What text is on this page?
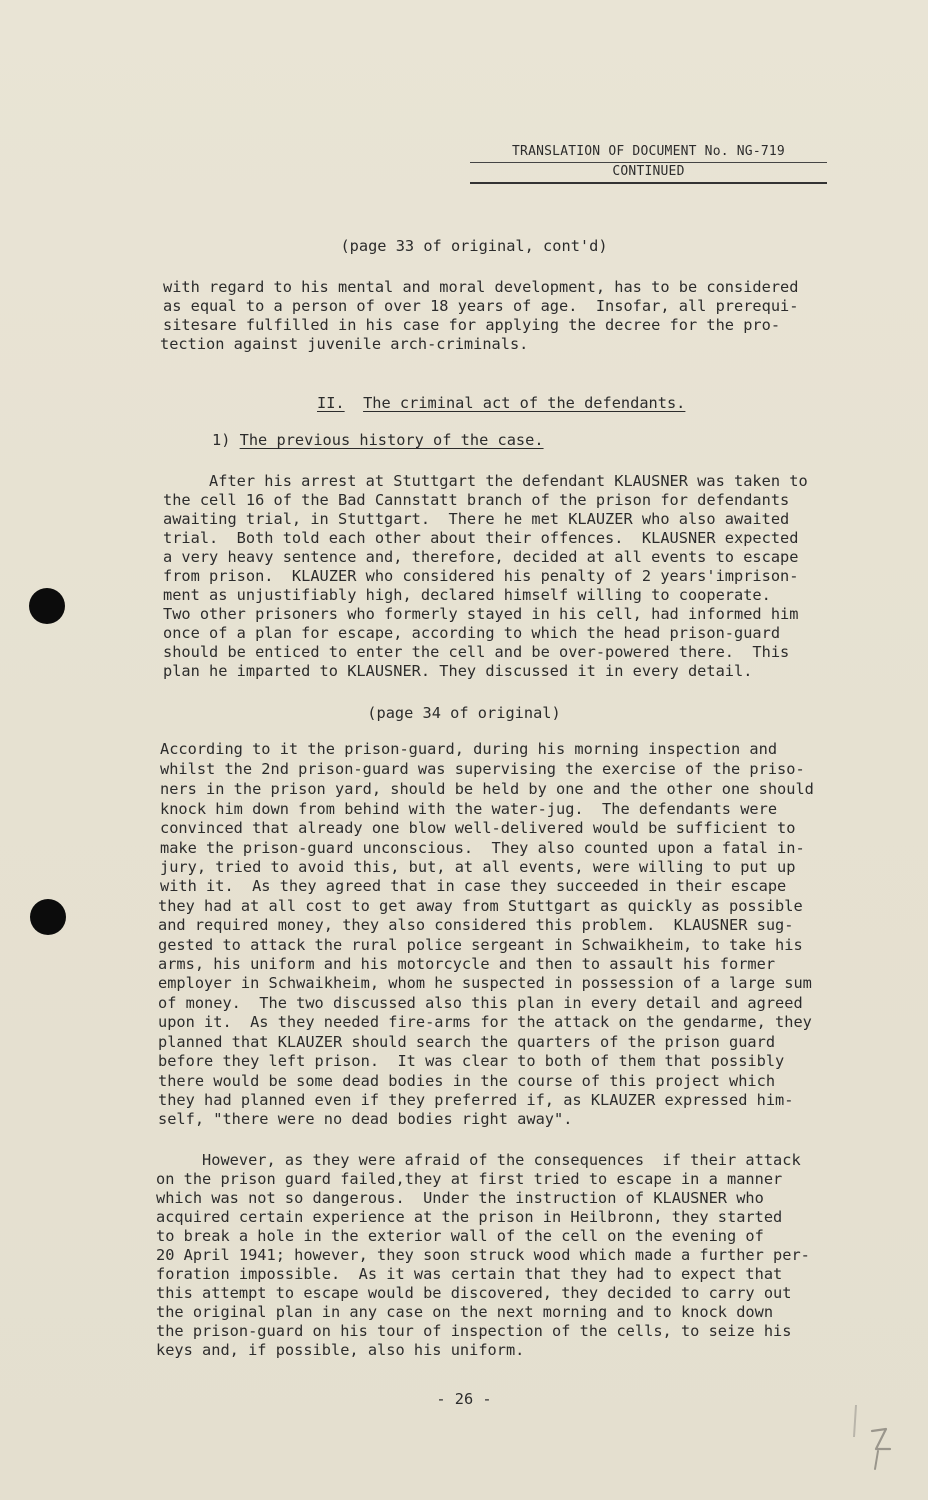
TRANSLATION OF DOCUMENT No. NG-719
CONTINUED
(page 33 of original, cont'd)
with regard to his mental and moral development, has to be considered
as equal to a person of over 18 years of age.  Insofar, all prerequi-
sitesare fulfilled in his case for applying the decree for the pro-
tection against juvenile arch-criminals.
II. The criminal act of the defendants.
1) The previous history of the case.
After his arrest at Stuttgart the defendant KLAUSNER was taken to
the cell 16 of the Bad Cannstatt branch of the prison for defendants
awaiting trial, in Stuttgart.  There he met KLAUZER who also awaited
trial.  Both told each other about their offences.  KLAUSNER expected
a very heavy sentence and, therefore, decided at all events to escape
from prison.  KLAUZER who considered his penalty of 2 years'imprison-
ment as unjustifiably high, declared himself willing to cooperate.
Two other prisoners who formerly stayed in his cell, had informed him
once of a plan for escape, according to which the head prison-guard
should be enticed to enter the cell and be over-powered there.  This
plan he imparted to KLAUSNER. They discussed it in every detail.
(page 34 of original)
According to it the prison-guard, during his morning inspection and
whilst the 2nd prison-guard was supervising the exercise of the priso-
ners in the prison yard, should be held by one and the other one should
knock him down from behind with the water-jug.  The defendants were
convinced that already one blow well-delivered would be sufficient to
make the prison-guard unconscious.  They also counted upon a fatal in-
jury, tried to avoid this, but, at all events, were willing to put up
with it.  As they agreed that in case they succeeded in their escape
they had at all cost to get away from Stuttgart as quickly as possible
and required money, they also considered this problem.  KLAUSNER sug-
gested to attack the rural police sergeant in Schwaikheim, to take his
arms, his uniform and his motorcycle and then to assault his former
employer in Schwaikheim, whom he suspected in possession of a large sum
of money.  The two discussed also this plan in every detail and agreed
upon it.  As they needed fire-arms for the attack on the gendarme, they
planned that KLAUZER should search the quarters of the prison guard
before they left prison.  It was clear to both of them that possibly
there would be some dead bodies in the course of this project which
they had planned even if they preferred if, as KLAUZER expressed him-
self, "there were no dead bodies right away".
However, as they were afraid of the consequences  if their attack
on the prison guard failed,they at first tried to escape in a manner
which was not so dangerous.  Under the instruction of KLAUSNER who
acquired certain experience at the prison in Heilbronn, they started
to break a hole in the exterior wall of the cell on the evening of
20 April 1941; however, they soon struck wood which made a further per-
foration impossible.  As it was certain that they had to expect that
this attempt to escape would be discovered, they decided to carry out
the original plan in any case on the next morning and to knock down
the prison-guard on his tour of inspection of the cells, to seize his
keys and, if possible, also his uniform.
- 26 -
7
